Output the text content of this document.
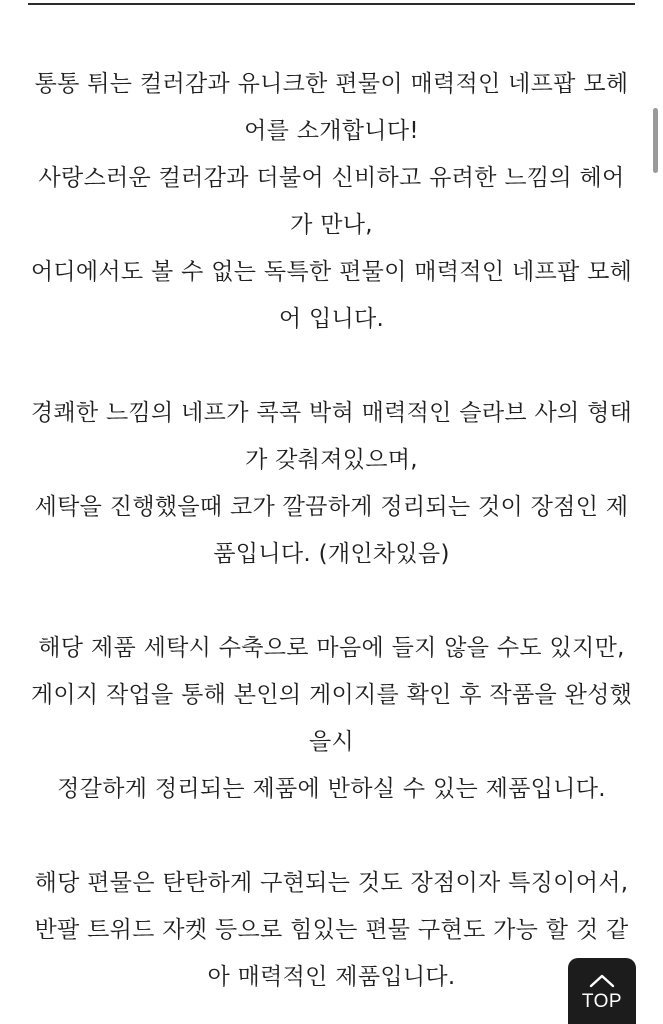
통통 튀는 컬러감과 유니크한 편물이 매력적인 네프팝 모헤어를 소개합니다!

사랑스러운 컬러감과 더불어 신비하고 유려한 느낌의 헤어가 만나,

어디에서도 볼 수 없는 독특한 편물이 매력적인 네프팝 모헤어 입니다.

경쾌한 느낌의 네프가 콕콕 박혀 매력적인 슬라브 사의 형태가 갖춰져있으며,

세탁을 진행했을때 코가 깔끔하게 정리되는 것이 장점인 제품입니다. (개인차있음)

해당 제품 세탁시 수축으로 마음에 들지 않을 수도 있지만,

게이지 작업을 통해 본인의 게이지를 확인 후 작품을 완성했을시

정갈하게 정리되는 제품에 반하실 수 있는 제품입니다.

해당 편물은 탄탄하게 구현되는 것도 장점이자 특징이어서,

반팔 트위드 자켓 등으로 힘있는 편물 구현도 가능 할 것 같아 매력적인 제품입니다.

TOP
